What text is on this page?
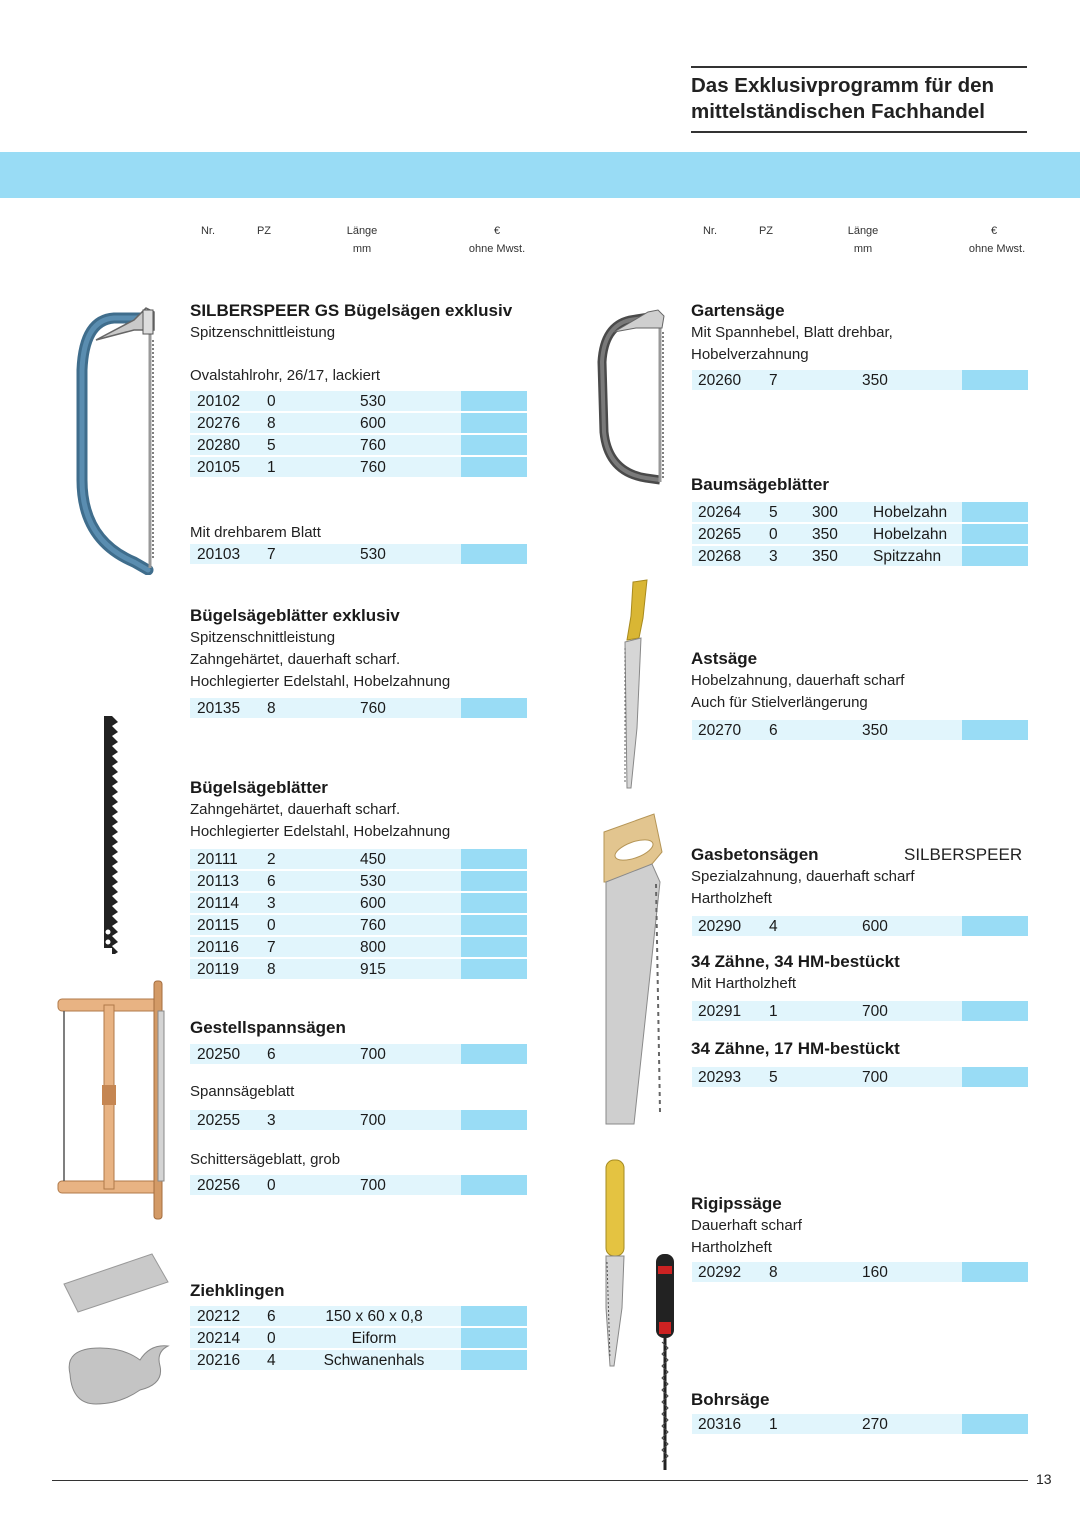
Das Exklusivprogramm für den
mittelständischen Fachhandel
Nr.	PZ	Länge
mm
€
ohne Mwst.
Nr.	PZ	Länge
mm
€
ohne Mwst.
SILBERSPEER GS Bügelsägen exklusiv
Spitzenschnittleistung
Ovalstahlrohr, 26/17, lackiert
Mit drehbarem Blatt
Bügelsägeblätter exklusiv
Spitzenschnittleistung
Zahngehärtet, dauerhaft scharf.
Hochlegierter Edelstahl, Hobelzahnung
Bügelsägeblätter
Zahngehärtet, dauerhaft scharf.
Hochlegierter Edelstahl, Hobelzahnung
Gestellspannsägen
Spannsägeblatt
Schittersägeblatt, grob
Ziehklingen
Gartensäge
Mit Spannhebel, Blatt drehbar,
Hobelverzahnung
Baumsägeblätter
Astsäge
Hobelzahnung, dauerhaft scharf
Auch für Stielverlängerung
Gasbetonsägen	SILBERSPEER
Spezialzahnung, dauerhaft scharf
Hartholzheft
34 Zähne, 34 HM-bestückt
Mit Hartholzheft
34 Zähne, 17 HM-bestückt
Rigipssäge
Dauerhaft scharf
Hartholzheft
Bohrsäge
20102 0	530
20276 8	600
20280 5	760
20105 1	760
20103 7	530
20135 8	760
20111 2	450
20113 6	530
20114 3	600
20115 0	760
20116 7	800
20119 8	915
20250 6	700
20255 3	700
20256 0	700
20212 6	150 x 60 x 0,8
20214 0	Eiform
20216 4	Schwanenhals
20260 7	350
20264 5 300 Hobelzahn
20265 0 350 Hobelzahn
20268 3 350 Spitzzahn
20270 6	350
20290 4	600
20291 1	700
20293 5	700
20292 8	160
20316 1	270
13
